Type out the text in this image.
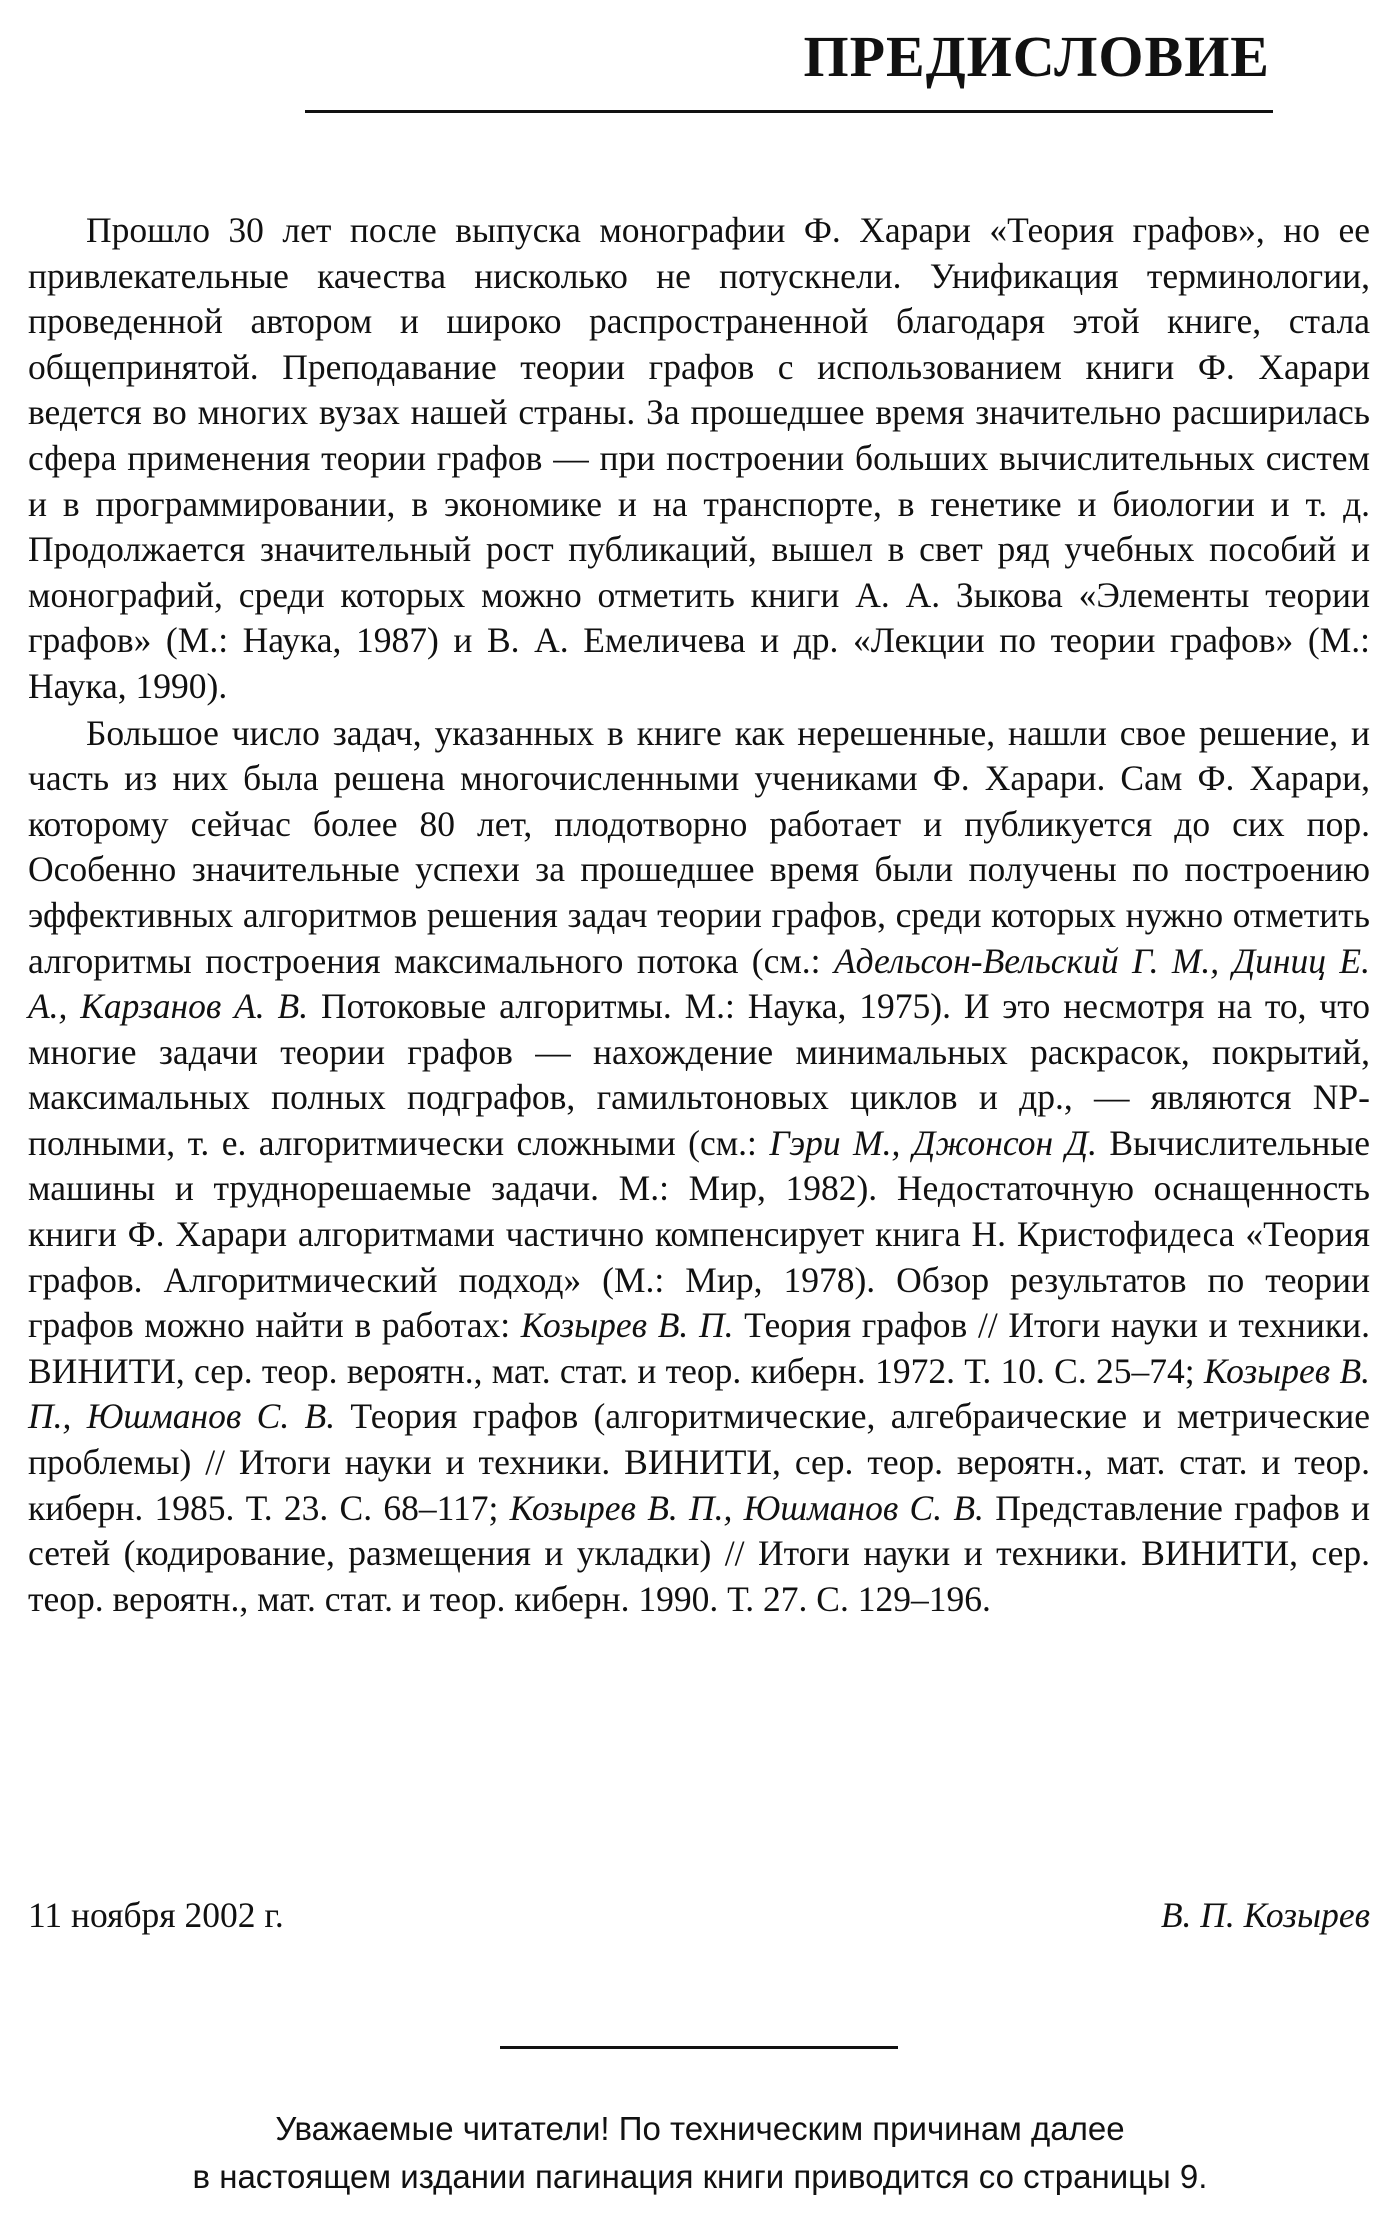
ПРЕДИСЛОВИЕ

Прошло 30 лет после выпуска монографии Ф. Харари «Теория графов», но ее привлекательные качества нисколько не потускнели. Унификация терминологии, проведенной автором и широко распространенной благодаря этой книге, стала общепринятой. Преподавание теории графов с использованием книги Ф. Харари ведется во многих вузах нашей страны. За прошедшее время значительно расширилась сфера применения теории графов — при построении больших вычислительных систем и в программировании, в экономике и на транспорте, в генетике и биологии и т. д. Продолжается значительный рост публикаций, вышел в свет ряд учебных пособий и монографий, среди которых можно отметить книги А. А. Зыкова «Элементы теории графов» (М.: Наука, 1987) и В. А. Емеличева и др. «Лекции по теории графов» (М.: Наука, 1990).

Большое число задач, указанных в книге как нерешенные, нашли свое решение, и часть из них была решена многочисленными учениками Ф. Харари. Сам Ф. Харари, которому сейчас более 80 лет, плодотворно работает и публикуется до сих пор. Особенно значительные успехи за прошедшее время были получены по построению эффективных алгоритмов решения задач теории графов, среди которых нужно отметить алгоритмы построения максимального потока (см.: Адельсон-Вельский Г. М., Диниц Е. А., Карзанов А. В. Потоковые алгоритмы. М.: Наука, 1975). И это несмотря на то, что многие задачи теории графов — нахождение минимальных раскрасок, покрытий, максимальных полных подграфов, гамильтоновых циклов и др., — являются NP-полными, т. е. алгоритмически сложными (см.: Гэри М., Джонсон Д. Вычислительные машины и труднорешаемые задачи. М.: Мир, 1982). Недостаточную оснащенность книги Ф. Харари алгоритмами частично компенсирует книга Н. Кристофидеса «Теория графов. Алгоритмический подход» (М.: Мир, 1978). Обзор результатов по теории графов можно найти в работах: Козырев В. П. Теория графов // Итоги науки и техники. ВИНИТИ, сер. теор. вероятн., мат. стат. и теор. киберн. 1972. Т. 10. С. 25–74; Козырев В. П., Юшманов С. В. Теория графов (алгоритмические, алгебраические и метрические проблемы) // Итоги науки и техники. ВИНИТИ, сер. теор. вероятн., мат. стат. и теор. киберн. 1985. Т. 23. С. 68–117; Козырев В. П., Юшманов С. В. Представление графов и сетей (кодирование, размещения и укладки) // Итоги науки и техники. ВИНИТИ, сер. теор. вероятн., мат. стат. и теор. киберн. 1990. Т. 27. С. 129–196.

11 ноября 2002 г.	В. П. Козырев
Уважаемые читатели! По техническим причинам далее
в настоящем издании пагинация книги приводится со страницы 9.
